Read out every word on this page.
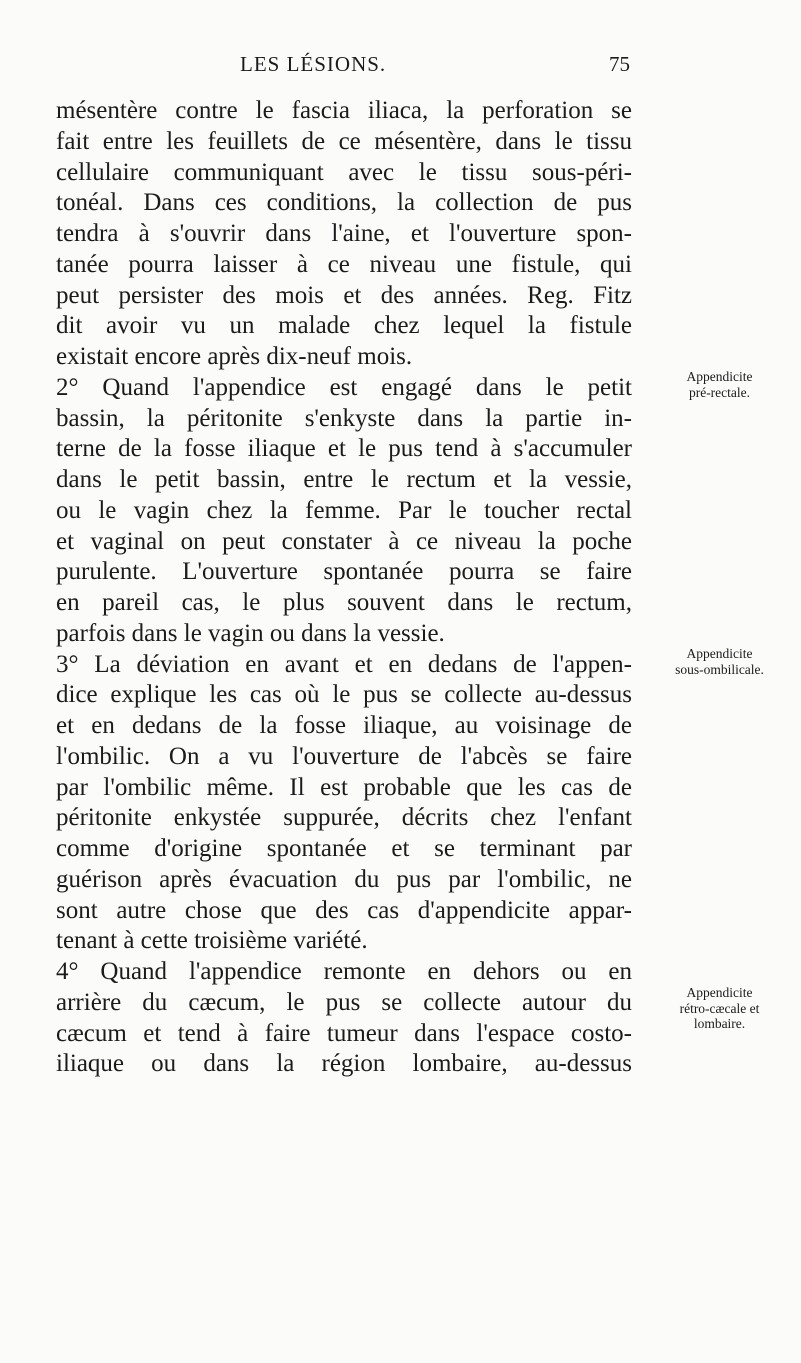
LES LÉSIONS.	75
mésentère contre le fascia iliaca, la perforation se
fait entre les feuillets de ce mésentère, dans le tissu
cellulaire communiquant avec le tissu sous-péri-
tonéal. Dans ces conditions, la collection de pus
tendra à s'ouvrir dans l'aine, et l'ouverture spon-
tanée pourra laisser à ce niveau une fistule, qui
peut persister des mois et des années. Reg. Fitz
dit avoir vu un malade chez lequel la fistule
existait encore après dix-neuf mois.
2° Quand l'appendice est engagé dans le petit
bassin, la péritonite s'enkyste dans la partie in-
terne de la fosse iliaque et le pus tend à s'accumuler
dans le petit bassin, entre le rectum et la vessie,
ou le vagin chez la femme. Par le toucher rectal
et vaginal on peut constater à ce niveau la poche
purulente. L'ouverture spontanée pourra se faire
en pareil cas, le plus souvent dans le rectum,
parfois dans le vagin ou dans la vessie.
3° La déviation en avant et en dedans de l'appen-
dice explique les cas où le pus se collecte au-dessus
et en dedans de la fosse iliaque, au voisinage de
l'ombilic. On a vu l'ouverture de l'abcès se faire
par l'ombilic même. Il est probable que les cas de
péritonite enkystée suppurée, décrits chez l'enfant
comme d'origine spontanée et se terminant par
guérison après évacuation du pus par l'ombilic, ne
sont autre chose que des cas d'appendicite appar-
tenant à cette troisième variété.
4° Quand l'appendice remonte en dehors ou en
arrière du cæcum, le pus se collecte autour du
cæcum et tend à faire tumeur dans l'espace costo-
iliaque ou dans la région lombaire, au-dessus
Appendicite
pré-rectale.
Appendicite
sous-ombilicale.
Appendicite
rétro-cæcale et
lombaire.
